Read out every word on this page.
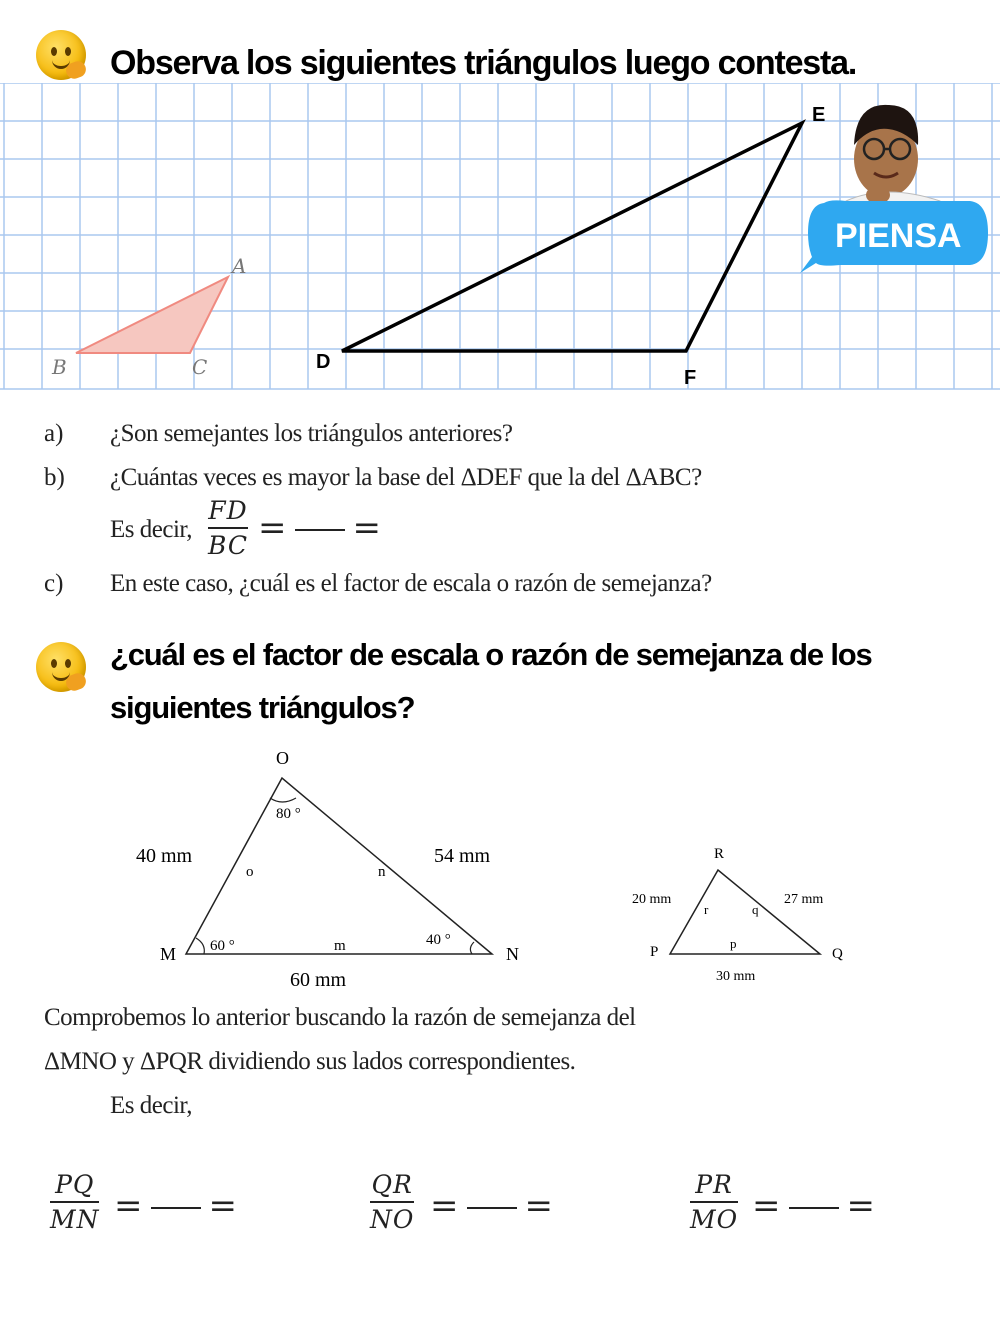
Observa los siguientes triángulos luego contesta.
A
B	C	D
E
F
PIENSA
a) ¿Son semejantes los triángulos anteriores?
b) ¿Cuántas veces es mayor la base del ΔDEF que la del ΔABC?
Es decir,
FD
BC = =
c) En este caso, ¿cuál es el factor de escala o razón de semejanza?
¿cuál es el factor de escala o razón de semejanza de los
siguientes triángulos?
O
M	N
80 °
60 °	40 °
40 mm	54 mm
60 mm
o	n
m
R
P	Q
20 mm	27 mm
30 mm
r	q
p
Comprobemos lo anterior buscando la razón de semejanza del
ΔMNO y ΔPQR dividiendo sus lados correspondientes.
Es decir,
PQ
MN = =
QR
NO = =
PR
MO = =
